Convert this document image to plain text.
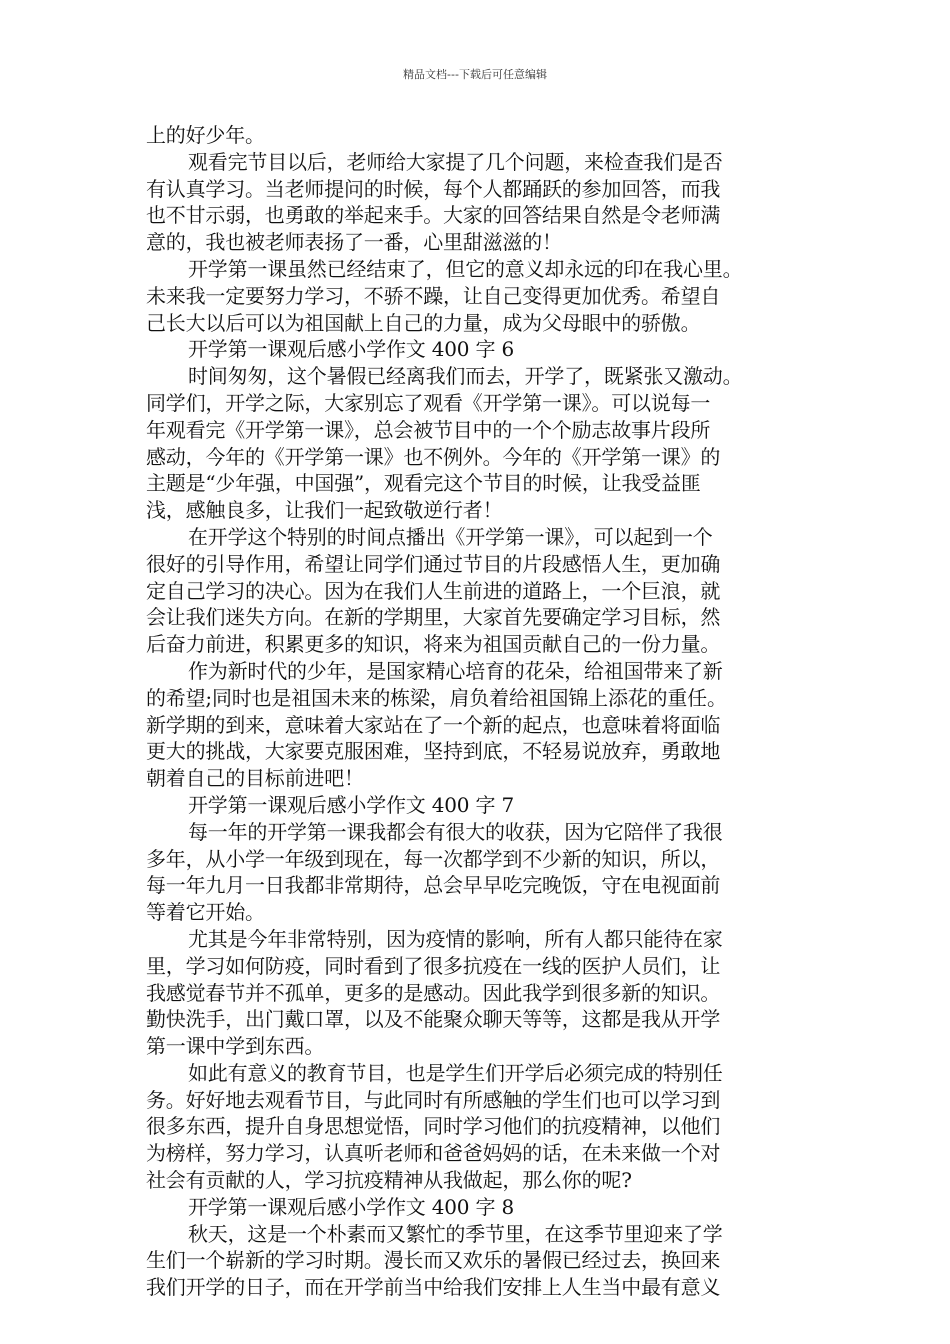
精品文档---下载后可任意编辑
上的好少年。
观看完节目以后，老师给大家提了几个问题，来检查我们是否
有认真学习。当老师提问的时候，每个人都踊跃的参加回答，而我
也不甘示弱，也勇敢的举起来手。大家的回答结果自然是令老师满
意的，我也被老师表扬了一番，心里甜滋滋的！
开学第一课虽然已经结束了，但它的意义却永远的印在我心里。
未来我一定要努力学习，不骄不躁，让自己变得更加优秀。希望自
己长大以后可以为祖国献上自己的力量，成为父母眼中的骄傲。
开学第一课观后感小学作文 400 字 6
时间匆匆，这个暑假已经离我们而去，开学了，既紧张又激动。
同学们，开学之际，大家别忘了观看《开学第一课》。可以说每一
年观看完《开学第一课》，总会被节目中的一个个励志故事片段所
感动，今年的《开学第一课》也不例外。今年的《开学第一课》的
主题是“少年强，中国强”，观看完这个节目的时候，让我受益匪
浅，感触良多，让我们一起致敬逆行者！
在开学这个特别的时间点播出《开学第一课》，可以起到一个
很好的引导作用，希望让同学们通过节目的片段感悟人生，更加确
定自己学习的决心。因为在我们人生前进的道路上，一个巨浪，就
会让我们迷失方向。在新的学期里，大家首先要确定学习目标，然
后奋力前进，积累更多的知识，将来为祖国贡献自己的一份力量。
作为新时代的少年，是国家精心培育的花朵，给祖国带来了新
的希望;同时也是祖国未来的栋梁，肩负着给祖国锦上添花的重任。
新学期的到来，意味着大家站在了一个新的起点，也意味着将面临
更大的挑战，大家要克服困难，坚持到底，不轻易说放弃，勇敢地
朝着自己的目标前进吧！
开学第一课观后感小学作文 400 字 7
每一年的开学第一课我都会有很大的收获，因为它陪伴了我很
多年，从小学一年级到现在，每一次都学到不少新的知识，所以，
每一年九月一日我都非常期待，总会早早吃完晚饭，守在电视面前
等着它开始。
尤其是今年非常特别，因为疫情的影响，所有人都只能待在家
里，学习如何防疫，同时看到了很多抗疫在一线的医护人员们，让
我感觉春节并不孤单，更多的是感动。因此我学到很多新的知识。
勤快洗手，出门戴口罩，以及不能聚众聊天等等，这都是我从开学
第一课中学到东西。
如此有意义的教育节目，也是学生们开学后必须完成的特别任
务。好好地去观看节目，与此同时有所感触的学生们也可以学习到
很多东西，提升自身思想觉悟，同时学习他们的抗疫精神，以他们
为榜样，努力学习，认真听老师和爸爸妈妈的话，在未来做一个对
社会有贡献的人，学习抗疫精神从我做起，那么你的呢?
开学第一课观后感小学作文 400 字 8
秋天，这是一个朴素而又繁忙的季节里，在这季节里迎来了学
生们一个崭新的学习时期。漫长而又欢乐的暑假已经过去，换回来
我们开学的日子，而在开学前当中给我们安排上人生当中最有意义
